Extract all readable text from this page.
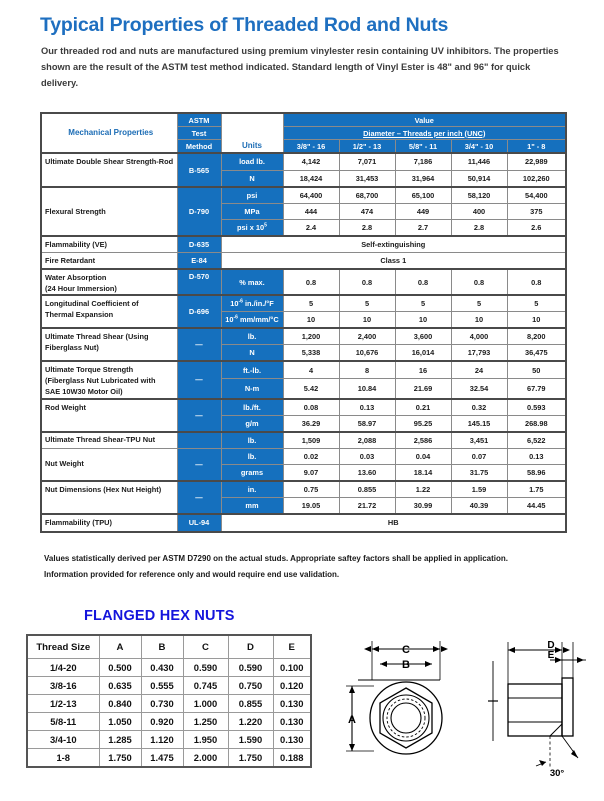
Typical Properties of Threaded Rod and Nuts
Our threaded rod and nuts are manufactured using premium vinylester resin containing UV inhibitors. The properties shown are the result of the ASTM test method indicated. Standard length of Vinyl Ester is 48" and 96" for quick delivery.
Mechanical Properties	ASTM	Units	Value				
	Test		Diameter – Threads per inch (UNC)				
	Method		3/8" - 16	1/2" - 13	5/8" - 11	3/4" - 10	1" - 8
Ultimate Double Shear Strength-Rod	B-565	load lb.	4,142	7,071	7,186	11,446	22,989
		N	18,424	31,453	31,964	50,914	102,260
Flexural Strength	D-790	psi	64,400	68,700	65,100	58,120	54,400
		MPa	444	474	449	400	375
		psi x $10^5$	2.4	2.8	2.7	2.8	2.6
Flammability (VE)	D-635	Self-extinguishing					
Fire Retardant	E-84	Class 1					

Water Absorption
(24 Hour Immersion)	D-570	% max.	0.8	0.8	0.8	0.8	0.8

Longitudinal Coefficient of
Thermal Expansion	D-696	$10^{-6}$ in./in./°F	5	5	5	5	5
		$10^{-6}$ mm/mm/°C	10	10	10	10	10

Ultimate Thread Shear (Using
Fiberglass Nut)	—	lb.	1,200	2,400	3,600	4,000	8,200
		N	5,338	10,676	16,014	17,793	36,475

Ultimate Torque Strength
(Fiberglass Nut Lubricated with
SAE 10W30 Motor Oil)	—	ft.-lb.	4	8	16	24	50
		N-m	5.42	10.84	21.69	32.54	67.79
Rod Weight	—	lb./ft.	0.08	0.13	0.21	0.32	0.593
		g/m	36.29	58.97	95.25	145.15	268.98
Ultimate Thread Shear-TPU Nut		lb.	1,509	2,088	2,586	3,451	6,522
Nut Weight	—	lb.	0.02	0.03	0.04	0.07	0.13
		grams	9.07	13.60	18.14	31.75	58.96
Nut Dimensions (Hex Nut Height)	—	in.	0.75	0.855	1.22	1.59	1.75
		mm	19.05	21.72	30.99	40.39	44.45
Flammability (TPU)	UL-94	HB					
Values statistically derived per ASTM D7290 on the actual studs. Appropriate saftey factors shall be applied in application.
Information provided for reference only and would require end use validation.
FLANGED HEX NUTS
Thread Size	A	B	C	D	E
1/4-20	0.500	0.430	0.590	0.590	0.100
3/8-16	0.635	0.555	0.745	0.750	0.120
1/2-13	0.840	0.730	1.000	0.855	0.130
5/8-11	1.050	0.920	1.250	1.220	0.130
3/4-10	1.285	1.120	1.950	1.590	0.130
1-8	1.750	1.475	2.000	1.750	0.188
C
B
A
D
E
30°
